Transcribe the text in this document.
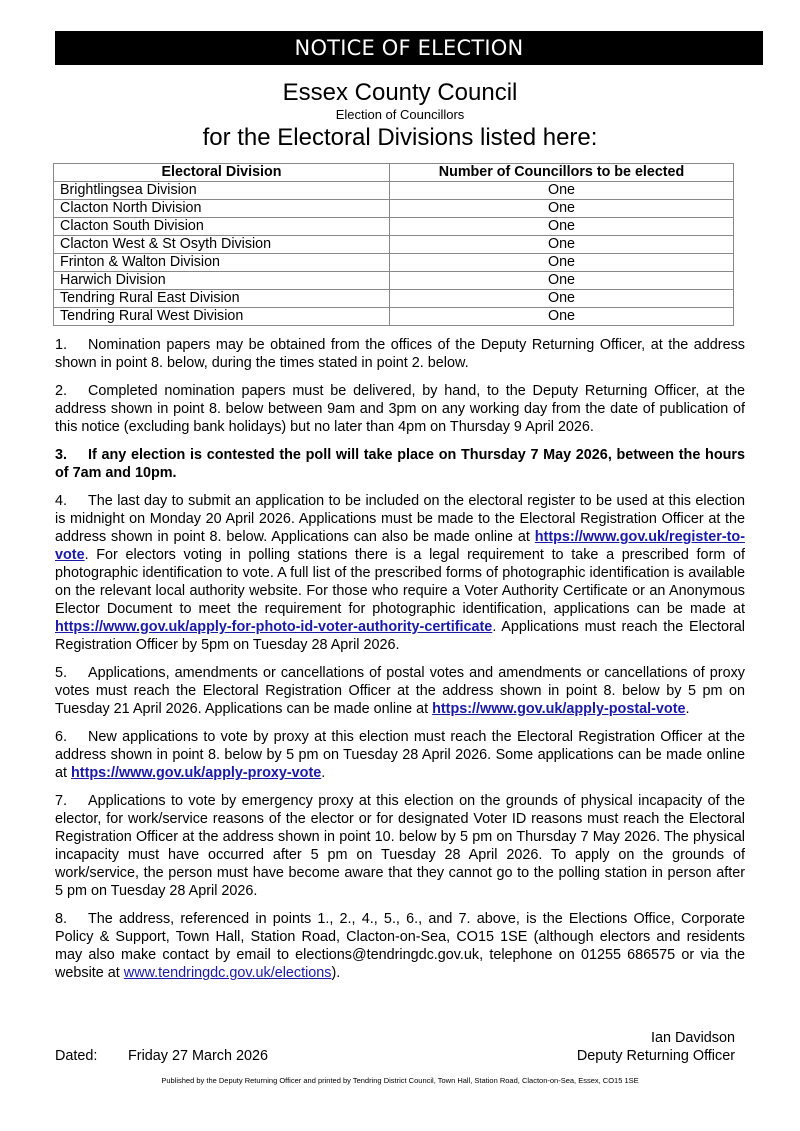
NOTICE OF ELECTION
Essex County Council
Election of Councillors
for the Electoral Divisions listed here:
Electoral Division	Number of Councillors to be elected
Brightlingsea Division	One
Clacton North Division	One
Clacton South Division	One
Clacton West & St Osyth Division	One
Frinton & Walton Division	One
Harwich Division	One
Tendring Rural East Division	One
Tendring Rural West Division	One

1. Nomination papers may be obtained from the offices of the Deputy Returning Officer, at the address shown in point 8. below, during the times stated in point 2. below.

2. Completed nomination papers must be delivered, by hand, to the Deputy Returning Officer, at the address shown in point 8. below between 9am and 3pm on any working day from the date of publication of this notice (excluding bank holidays) but no later than 4pm on Thursday 9 April 2026.

3. If any election is contested the poll will take place on Thursday 7 May 2026, between the hours of 7am and 10pm.

4. The last day to submit an application to be included on the electoral register to be used at this election is midnight on Monday 20 April 2026. Applications must be made to the Electoral Registration Officer at the address shown in point 8. below. Applications can also be made online at https://www.gov.uk/register-to-vote. For electors voting in polling stations there is a legal requirement to take a prescribed form of photographic identification to vote. A full list of the prescribed forms of photographic identification is available on the relevant local authority website. For those who require a Voter Authority Certificate or an Anonymous Elector Document to meet the requirement for photographic identification, applications can be made at https://www.gov.uk/apply-for-photo-id-voter-authority-certificate. Applications must reach the Electoral Registration Officer by 5pm on Tuesday 28 April 2026.

5. Applications, amendments or cancellations of postal votes and amendments or cancellations of proxy votes must reach the Electoral Registration Officer at the address shown in point 8. below by 5 pm on Tuesday 21 April 2026. Applications can be made online at https://www.gov.uk/apply-postal-vote.

6. New applications to vote by proxy at this election must reach the Electoral Registration Officer at the address shown in point 8. below by 5 pm on Tuesday 28 April 2026. Some applications can be made online at https://www.gov.uk/apply-proxy-vote.

7. Applications to vote by emergency proxy at this election on the grounds of physical incapacity of the elector, for work/service reasons of the elector or for designated Voter ID reasons must reach the Electoral Registration Officer at the address shown in point 10. below by 5 pm on Thursday 7 May 2026. The physical incapacity must have occurred after 5 pm on Tuesday 28 April 2026. To apply on the grounds of work/service, the person must have become aware that they cannot go to the polling station in person after 5 pm on Tuesday 28 April 2026.

8. The address, referenced in points 1., 2., 4., 5., 6., and 7. above, is the Elections Office, Corporate Policy & Support, Town Hall, Station Road, Clacton-on-Sea, CO15 1SE (although electors and residents may also make contact by email to elections@tendringdc.gov.uk, telephone on 01255 686575 or via the website at www.tendringdc.gov.uk/elections).

Ian Davidson
Dated: Friday 27 March 2026	Deputy Returning Officer
Published by the Deputy Returning Officer and printed by Tendring District Council, Town Hall, Station Road, Clacton-on-Sea, Essex, CO15 1SE
